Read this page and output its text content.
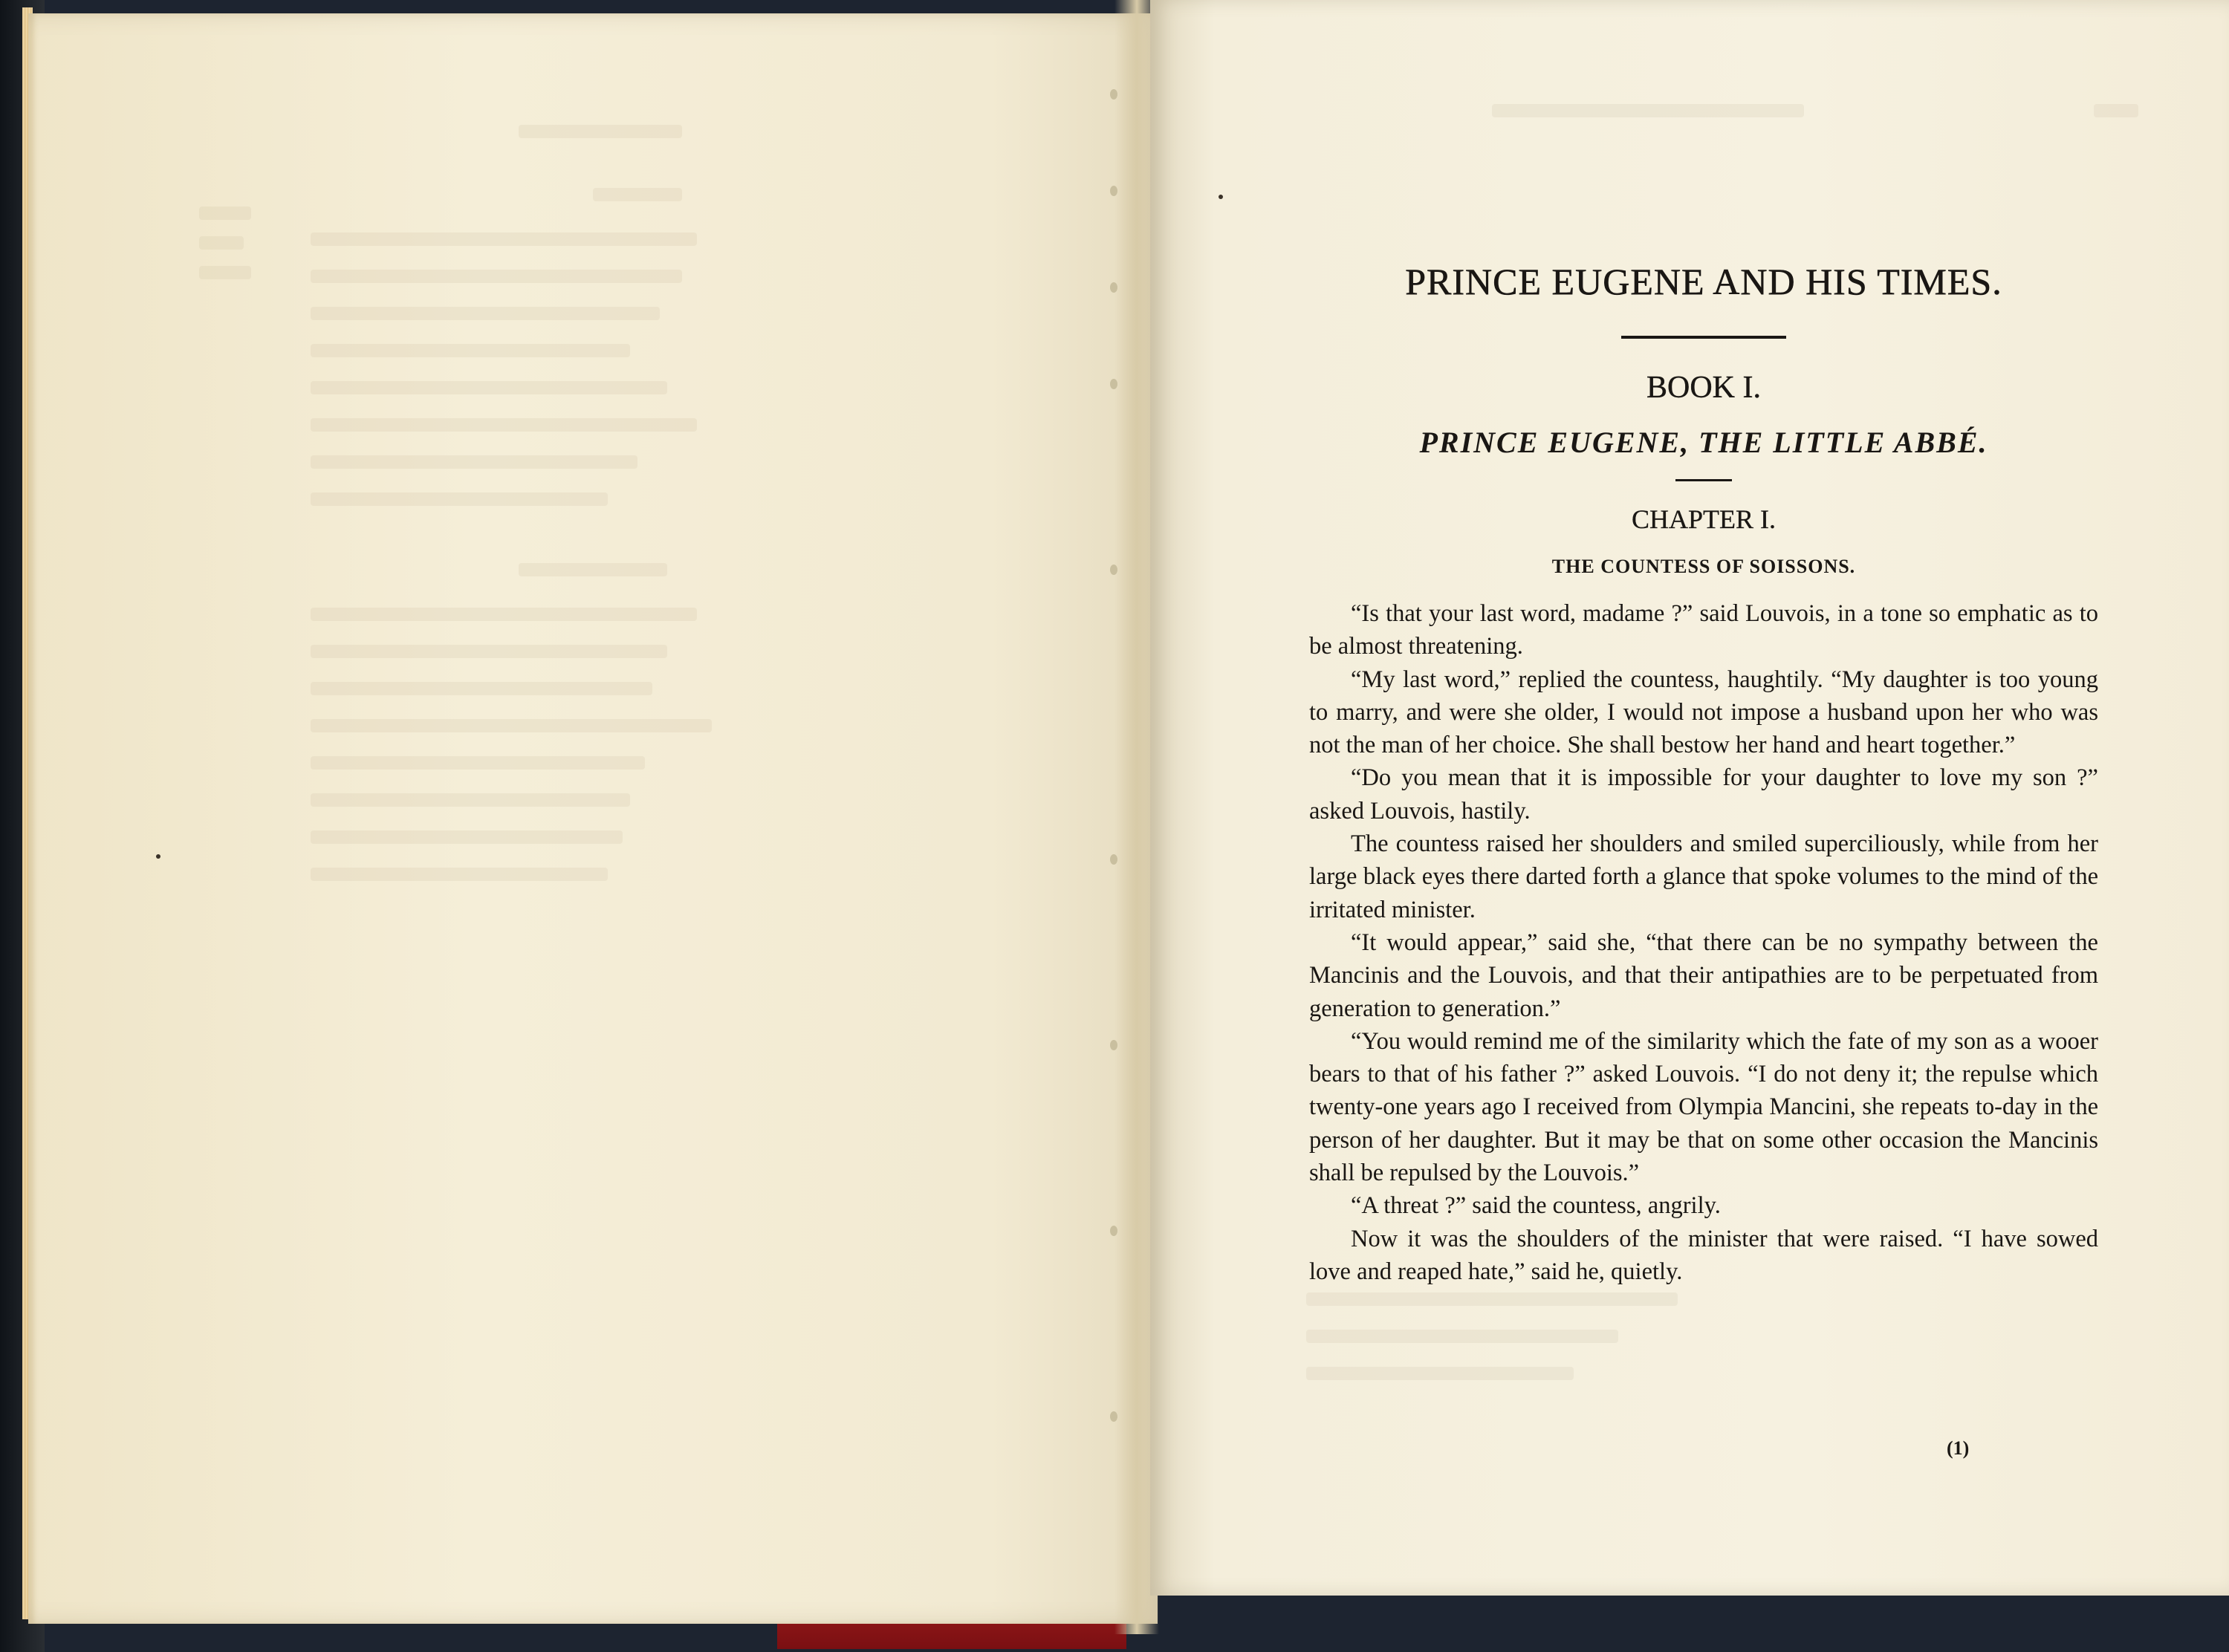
PRINCE EUGENE AND HIS TIMES.
BOOK I.
PRINCE EUGENE, THE LITTLE ABBÉ.
CHAPTER I.
THE COUNTESS OF SOISSONS.

“Is that your last word, madame ?” said Louvois, in a tone so emphatic as to be almost threatening.

“My last word,” replied the countess, haughtily. “My daughter is too young to marry, and were she older, I would not impose a husband upon her who was not the man of her choice. She shall bestow her hand and heart together.”

“Do you mean that it is impossible for your daughter to love my son ?” asked Louvois, hastily.

The countess raised her shoulders and smiled superciliously, while from her large black eyes there darted forth a glance that spoke volumes to the mind of the irritated minister.

“It would appear,” said she, “that there can be no sympathy between the Mancinis and the Louvois, and that their antipathies are to be perpetuated from generation to generation.”

“You would remind me of the similarity which the fate of my son as a wooer bears to that of his father ?” asked Louvois. “I do not deny it; the repulse which twenty-one years ago I received from Olympia Mancini, she repeats to-day in the person of her daughter. But it may be that on some other occasion the Mancinis shall be repulsed by the Louvois.”

“A threat ?” said the countess, angrily.

Now it was the shoulders of the minister that were raised. “I have sowed love and reaped hate,” said he, quietly.

(1)
